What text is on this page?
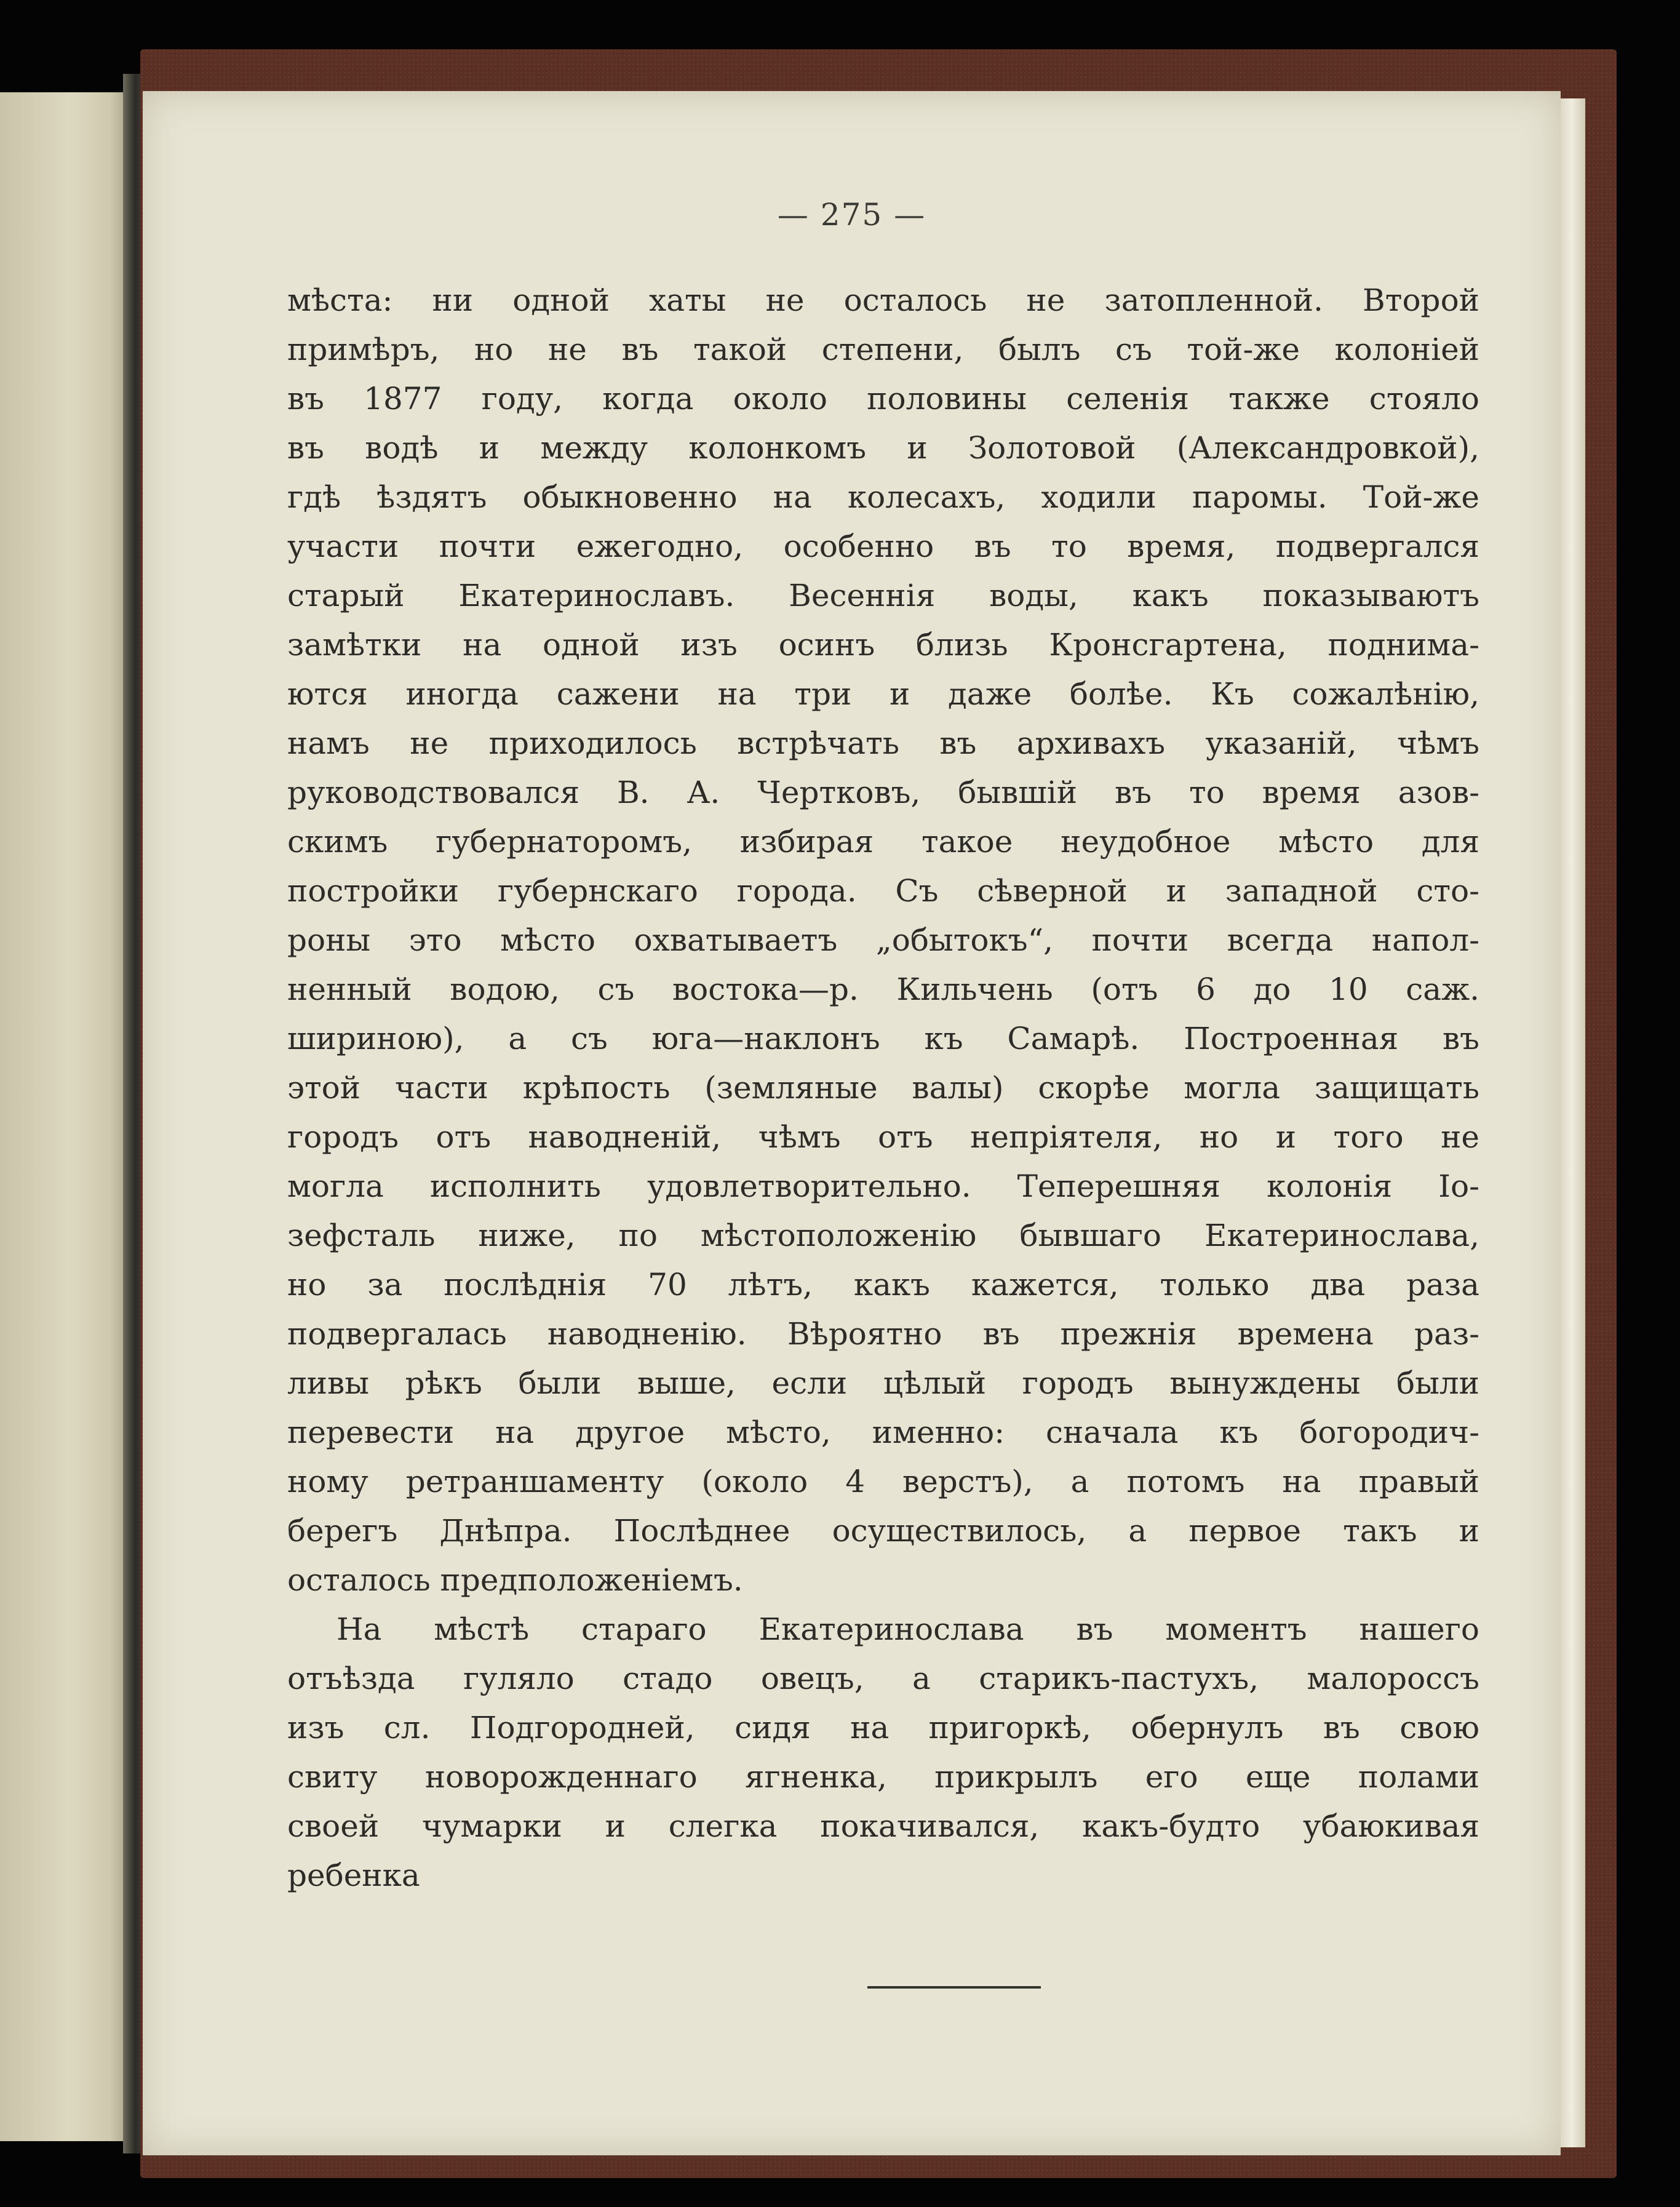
— 275 —
мѣста: ни одной хаты не осталось не затопленной. Второй
примѣръ, но не въ такой степени, былъ съ той-же колоніей
въ 1877 году, когда около половины селенія также стояло
въ водѣ и между колонкомъ и Золотовой (Александровкой),
гдѣ ѣздятъ обыкновенно на колесахъ, ходили паромы. Той-же
участи почти ежегодно, особенно въ то время, подвергался
старый Екатеринославъ. Весеннія воды, какъ показываютъ
замѣтки на одной изъ осинъ близь Кронсгартена, поднима-
ются иногда сажени на три и даже болѣе. Къ сожалѣнію,
намъ не приходилось встрѣчать въ архивахъ указаній, чѣмъ
руководствовался В. А. Чертковъ, бывшій въ то время азов-
скимъ губернаторомъ, избирая такое неудобное мѣсто для
постройки губернскаго города. Съ сѣверной и западной сто-
роны это мѣсто охватываетъ „обытокъ“, почти всегда напол-
ненный водою, съ востока—р. Кильчень (отъ 6 до 10 саж.
шириною), а съ юга—наклонъ къ Самарѣ. Построенная въ
этой части крѣпость (земляные валы) скорѣе могла защищать
городъ отъ наводненій, чѣмъ отъ непріятеля, но и того не
могла исполнить удовлетворительно. Теперешняя колонія Іо-
зефсталь ниже, по мѣстоположенію бывшаго Екатеринослава,
но за послѣднія 70 лѣтъ, какъ кажется, только два раза
подвергалась наводненію. Вѣроятно въ прежнія времена раз-
ливы рѣкъ были выше, если цѣлый городъ вынуждены были
перевести на другое мѣсто, именно: сначала къ богородич-
ному ретраншаменту (около 4 верстъ), а потомъ на правый
берегъ Днѣпра. Послѣднее осуществилось, а первое такъ и
осталось предположеніемъ.
На мѣстѣ стараго Екатеринослава въ моментъ нашего
отъѣзда гуляло стадо овецъ, а старикъ-пастухъ, малороссъ
изъ сл. Подгородней, сидя на пригоркѣ, обернулъ въ свою
свиту новорожденнаго ягненка, прикрылъ его еще полами
своей чумарки и слегка покачивался, какъ-будто убаюкивая
ребенка
